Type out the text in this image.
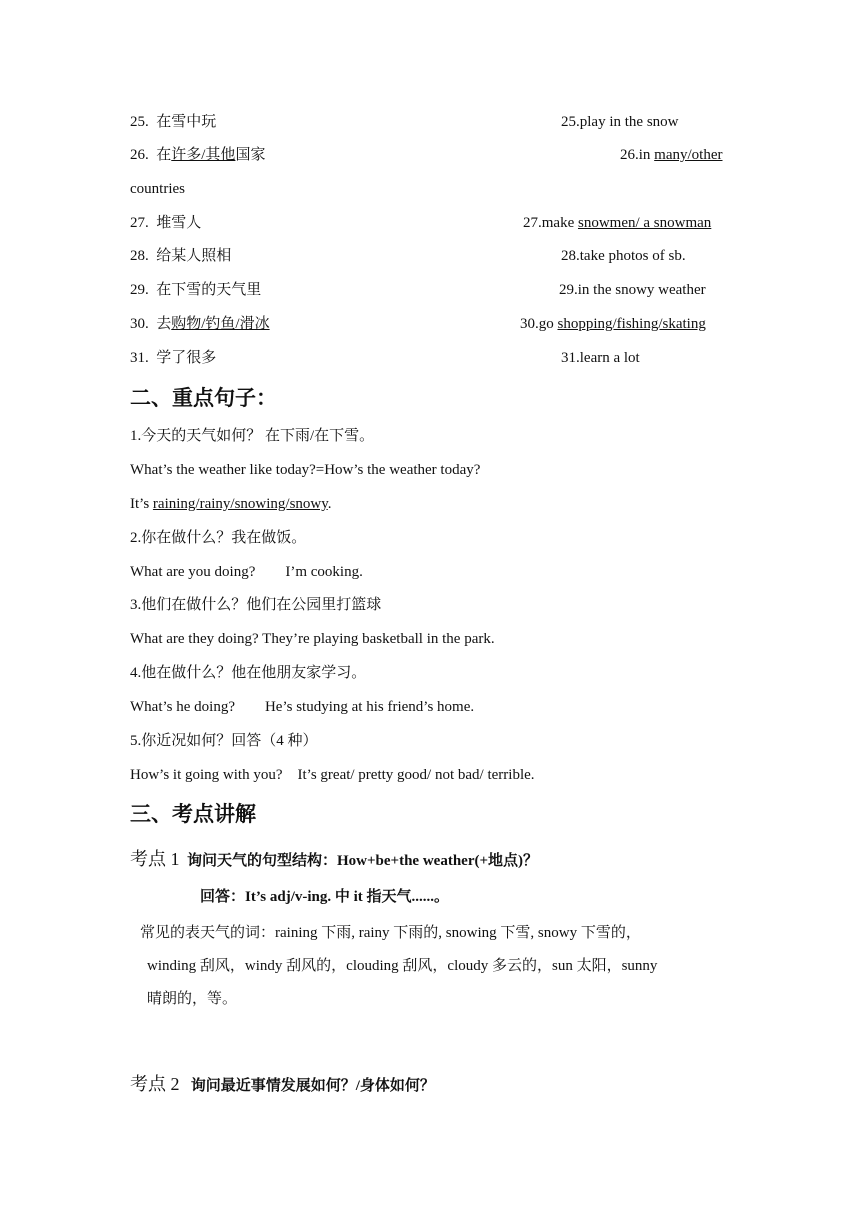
25. 在雪中玩	25.play in the snow
26. 在许多/其他国家	26.in many/other
countries
27. 堆雪人	27.make snowmen/ a snowman
28. 给某人照相	28.take photos of sb.
29. 在下雪的天气里	29.in the snowy weather
30. 去购物/钓鱼/滑冰	30.go shopping/fishing/skating
31. 学了很多	31.learn a lot
二、重点句子：
1.今天的天气如何？ 在下雨/在下雪。
What’s the weather like today?=How’s the weather today?
It’s raining/rainy/snowing/snowy.
2.你在做什么？我在做饭。
What are you doing?        I’m cooking.
3.他们在做什么？他们在公园里打篮球
What are they doing? They’re playing basketball in the park.
4.他在做什么？他在他朋友家学习。
What’s he doing?        He’s studying at his friend’s home.
5.你近况如何？回答（4 种）
How’s it going with you?    It’s great/ pretty good/ not bad/ terrible.
三、考点讲解
考点 1 询问天气的句型结构：How+be+the weather(+地点)？
回答：It’s adj/v-ing. 中 it 指天气......。
常见的表天气的词：raining 下雨, rainy 下雨的, snowing 下雪, snowy 下雪的，
winding 刮风，windy 刮风的，clouding 刮风，cloudy 多云的，sun 太阳，sunny
晴朗的，等。
考点 2 询问最近事情发展如何？/身体如何？
